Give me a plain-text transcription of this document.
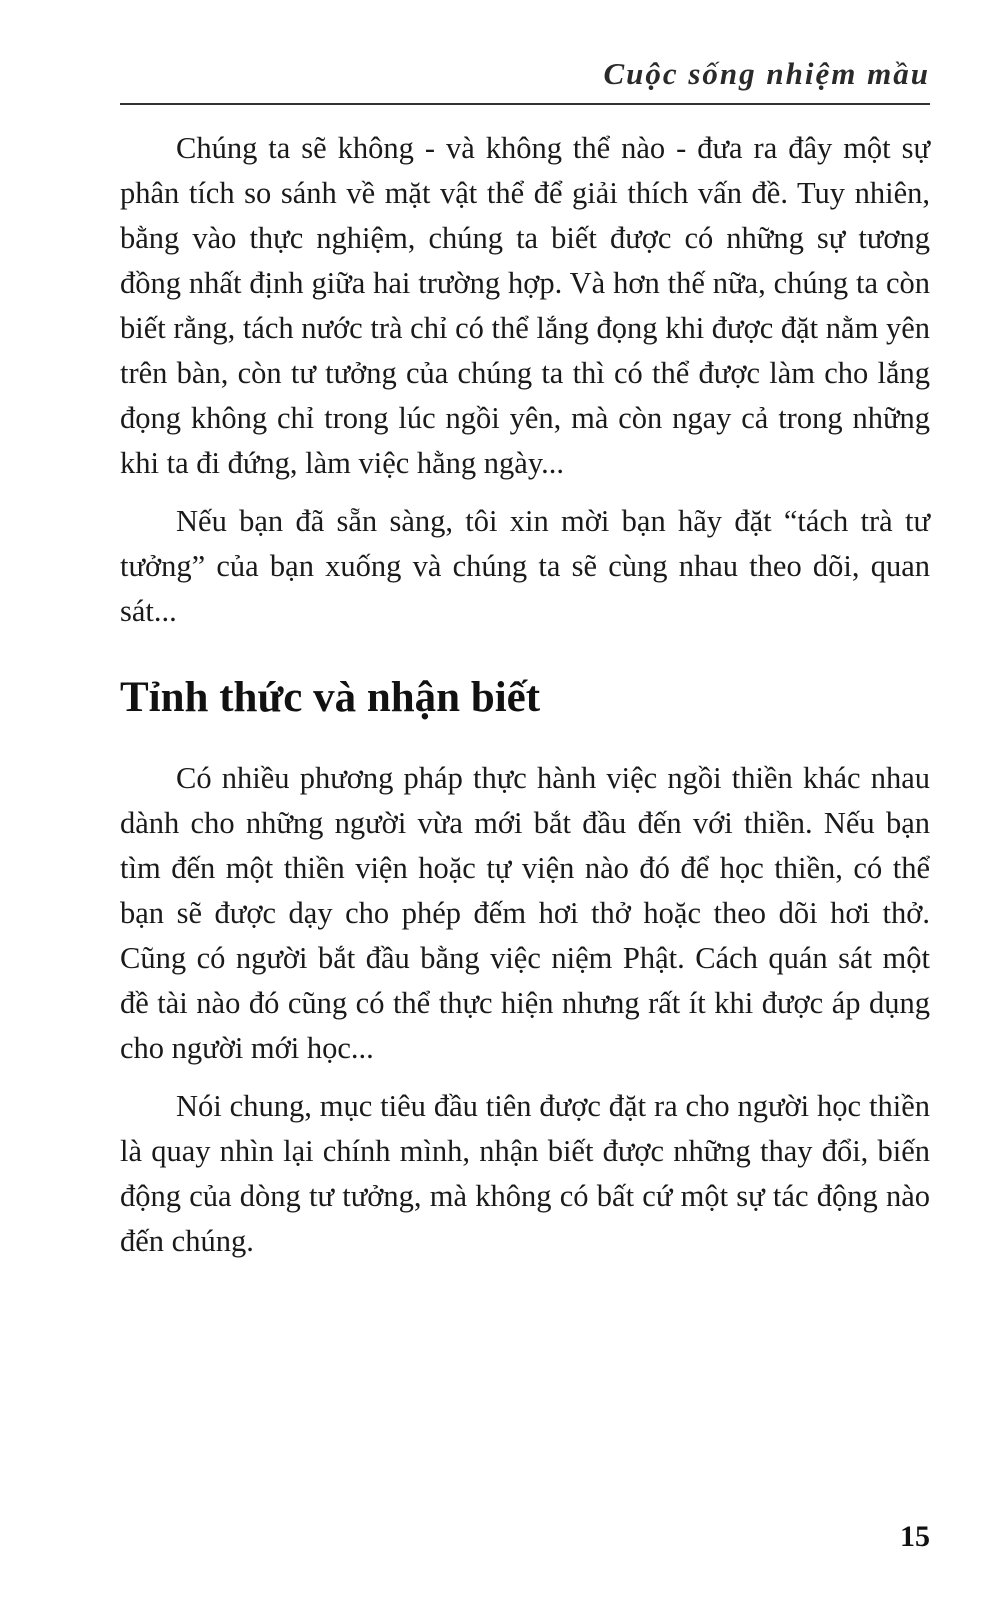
Cuộc sống nhiệm mầu

Chúng ta sẽ không - và không thể nào - đưa ra đây một sự phân tích so sánh về mặt vật thể để giải thích vấn đề. Tuy nhiên, bằng vào thực nghiệm, chúng ta biết được có những sự tương đồng nhất định giữa hai trường hợp. Và hơn thế nữa, chúng ta còn biết rằng, tách nước trà chỉ có thể lắng đọng khi được đặt nằm yên trên bàn, còn tư tưởng của chúng ta thì có thể được làm cho lắng đọng không chỉ trong lúc ngồi yên, mà còn ngay cả trong những khi ta đi đứng, làm việc hằng ngày...

Nếu bạn đã sẵn sàng, tôi xin mời bạn hãy đặt “tách trà tư tưởng” của bạn xuống và chúng ta sẽ cùng nhau theo dõi, quan sát...

Tỉnh thức và nhận biết

Có nhiều phương pháp thực hành việc ngồi thiền khác nhau dành cho những người vừa mới bắt đầu đến với thiền. Nếu bạn tìm đến một thiền viện hoặc tự viện nào đó để học thiền, có thể bạn sẽ được dạy cho phép đếm hơi thở hoặc theo dõi hơi thở. Cũng có người bắt đầu bằng việc niệm Phật. Cách quán sát một đề tài nào đó cũng có thể thực hiện nhưng rất ít khi được áp dụng cho người mới học...

Nói chung, mục tiêu đầu tiên được đặt ra cho người học thiền là quay nhìn lại chính mình, nhận biết được những thay đổi, biến động của dòng tư tưởng, mà không có bất cứ một sự tác động nào đến chúng.

15
